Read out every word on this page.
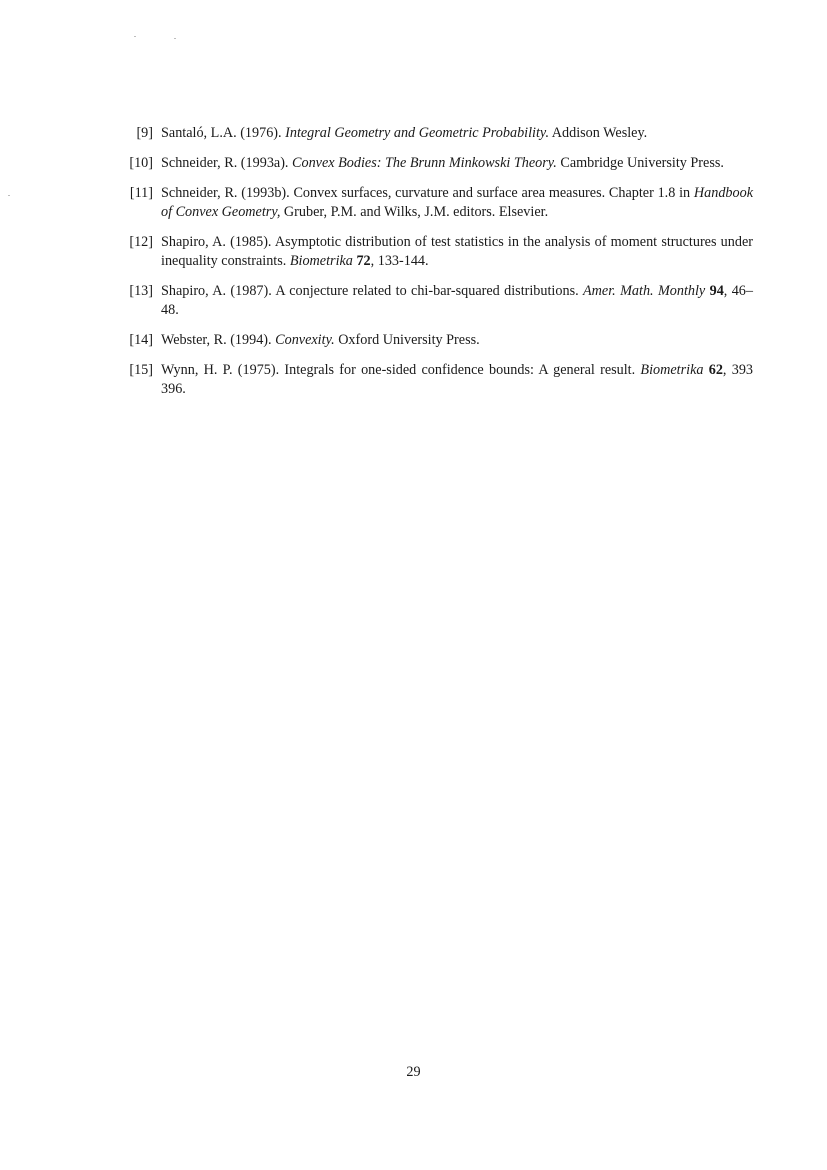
[9] Santaló, L.A. (1976). Integral Geometry and Geometric Probability. Addison Wesley.
[10] Schneider, R. (1993a). Convex Bodies: The Brunn Minkowski Theory. Cambridge University Press.
[11] Schneider, R. (1993b). Convex surfaces, curvature and surface area measures. Chapter 1.8 in Handbook of Convex Geometry, Gruber, P.M. and Wilks, J.M. editors. Elsevier.
[12] Shapiro, A. (1985). Asymptotic distribution of test statistics in the analysis of moment structures under inequality constraints. Biometrika 72, 133-144.
[13] Shapiro, A. (1987). A conjecture related to chi-bar-squared distributions. Amer. Math. Monthly 94, 46–48.
[14] Webster, R. (1994). Convexity. Oxford University Press.
[15] Wynn, H. P. (1975). Integrals for one-sided confidence bounds: A general result. Biometrika 62, 393 396.
29
